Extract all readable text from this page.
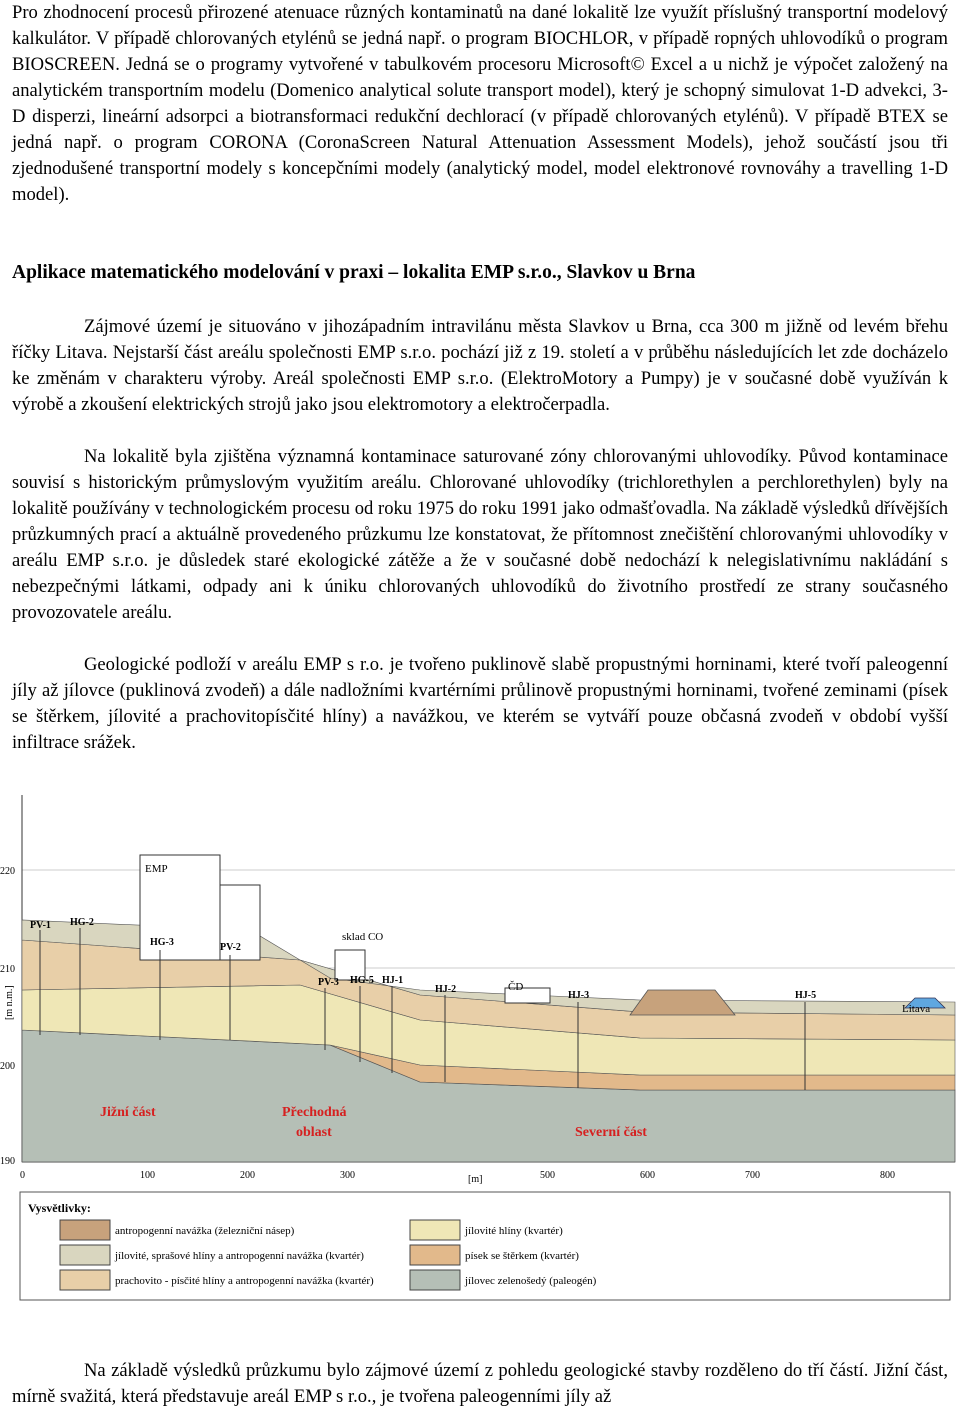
Pro zhodnocení procesů přirozené atenuace různých kontaminatů na dané lokalitě lze využít příslušný transportní modelový kalkulátor. V případě chlorovaných etylénů se jedná např. o program BIOCHLOR, v případě ropných uhlovodíků o program BIOSCREEN. Jedná se o programy vytvořené v tabulkovém procesoru Microsoft© Excel a u nichž je výpočet založený na analytickém transportním modelu (Domenico analytical solute transport model), který je schopný simulovat 1-D advekci, 3-D disperzi, lineární adsorpci a biotransformaci redukční dechlorací (v případě chlorovaných etylénů). V případě BTEX se jedná např. o program CORONA (CoronaScreen Natural Attenuation Assessment Models), jehož součástí jsou tři zjednodušené transportní modely s koncepčními modely (analytický model, model elektronové rovnováhy a travelling 1-D model).

Aplikace matematického modelování v praxi – lokalita EMP s.r.o., Slavkov u Brna

Zájmové území je situováno v jihozápadním intravilánu města Slavkov u Brna, cca 300 m jižně od levém břehu říčky Litava. Nejstarší část areálu společnosti EMP s.r.o. pochází již z 19. století a v průběhu následujících let zde docházelo ke změnám v charakteru výroby. Areál společnosti EMP s.r.o. (ElektroMotory a Pumpy) je v současné době využíván k výrobě a zkoušení elektrických strojů jako jsou elektromotory a elektročerpadla.

Na lokalitě byla zjištěna významná kontaminace saturované zóny chlorovanými uhlovodíky. Původ kontaminace souvisí s historickým průmyslovým využitím areálu. Chlorované uhlovodíky (trichlorethylen a perchlorethylen) byly na lokalitě používány v technologickém procesu od roku 1975 do roku 1991 jako odmašťovadla. Na základě výsledků dřívějších průzkumných prací a aktuálně provedeného průzkumu lze konstatovat, že přítomnost znečištění chlorovanými uhlovodíky v areálu EMP s.r.o. je důsledek staré ekologické zátěže a že v současné době nedochází k nelegislativnímu nakládání s nebezpečnými látkami, odpady ani k úniku chlorovaných uhlovodíků do životního prostředí ze strany současného provozovatele areálu.

Geologické podloží v areálu EMP s r.o. je tvořeno puklinově slabě propustnými horninami, které tvoří paleogenní jíly až jílovce (puklinová zvodeň) a dále nadložními kvartérními průlinově propustnými horninami, tvořené zeminami (písek se štěrkem, jílovité a prachovitopísčité hlíny) a navážkou, ve kterém se vytváří pouze občasná zvodeň v období vyšší infiltrace srážek.

220
210
200
190
[m n.m.]
0	100	200	300	[m]	500	600	700	800
EMP
sklad CO
ČD
Litava
PV-1 HG-2
HG-3	PV-2
PV-3 HG-5 HJ-1
HJ-2
HJ-3	HJ-5
Jižní část	Přechodná
oblast	Severní část
Vysvětlivky:
antropogenní navážka (železniční násep)
jílovité, sprašové hlíny a antropogenní navážka (kvartér)
prachovito - písčité hlíny a antropogenní navážka (kvartér)
jílovité hlíny (kvartér)
písek se štěrkem (kvartér)
jílovec zelenošedý (paleogén)

Na základě výsledků průzkumu bylo zájmové území z pohledu geologické stavby rozděleno do tří částí. Jižní část, mírně svažitá, která představuje areál EMP s r.o., je tvořena paleogenními jíly až
